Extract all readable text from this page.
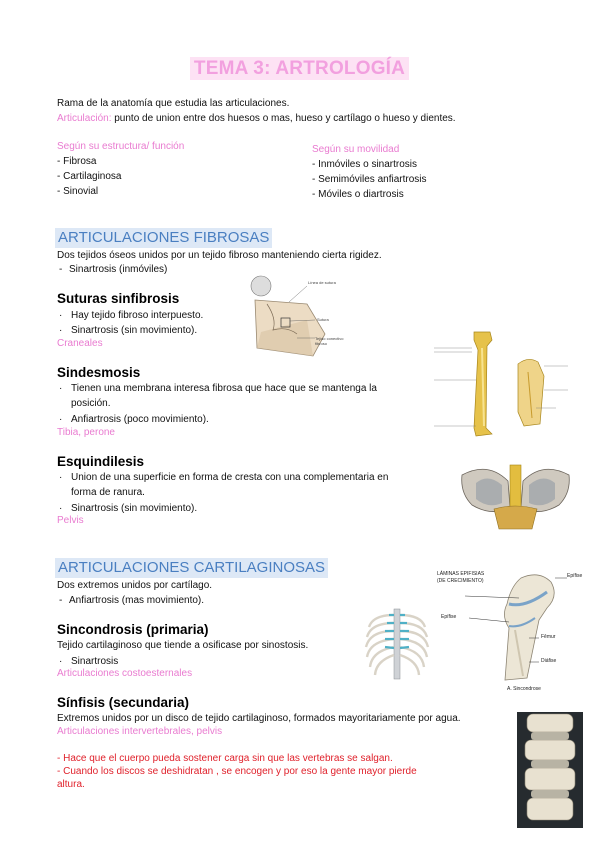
TEMA 3: ARTROLOGÍA
Rama de la anatomía que estudia las articulaciones.
Articulación: punto de union entre dos huesos o mas, hueso y cartílago o hueso y dientes.
Según su estructura/ función
- Fibrosa
- Cartilaginosa
- Sinovial
Según su movilidad
- Inmóviles o sinartrosis
- Semimóviles anfiartrosis
- Móviles o diartrosis
ARTICULACIONES FIBROSAS
Dos tejidos óseos unidos por un tejido fibroso manteniendo cierta rigidez.
- Sinartrosis (inmóviles)
Suturas sinfibrosis
· Hay tejido fibroso interpuesto.
· Sinartrosis (sin movimiento).
Craneales
Sindesmosis
· Tienen una membrana interesa fibrosa que hace que se mantenga la
posición.
· Anfiartrosis (poco movimiento).
Tibia, perone
Esquindilesis
· Union de una superficie en forma de cresta con una complementaria en
forma de ranura.
· Sinartrosis (sin movimiento).
Pelvis
ARTICULACIONES CARTILAGINOSAS
Dos extremos unidos por cartílago.
- Anfiartrosis (mas movimiento).
Sincondrosis (primaria)
Tejido cartilaginoso que tiende a osificase por sinostosis.
· Sinartrosis
Articulaciones costoesternales
Sínfisis (secundaria)
Extremos unidos por un disco de tejido cartilaginoso, formados mayoritariamente por agua.
Articulaciones intervertebrales, pelvis
- Hace que el cuerpo pueda sostener carga sin que las vertebras se salgan.
- Cuando los discos se deshidratan , se encogen y por eso la gente mayor pierde
altura.
Línea de sutura
Sutura
Tejido conectivo fibroso
LÁMINAS EPIFISIAS
(DE CRECIMIENTO)
Epífise
Epífise
Fêmur
Diáfise
A. Sincondrose
